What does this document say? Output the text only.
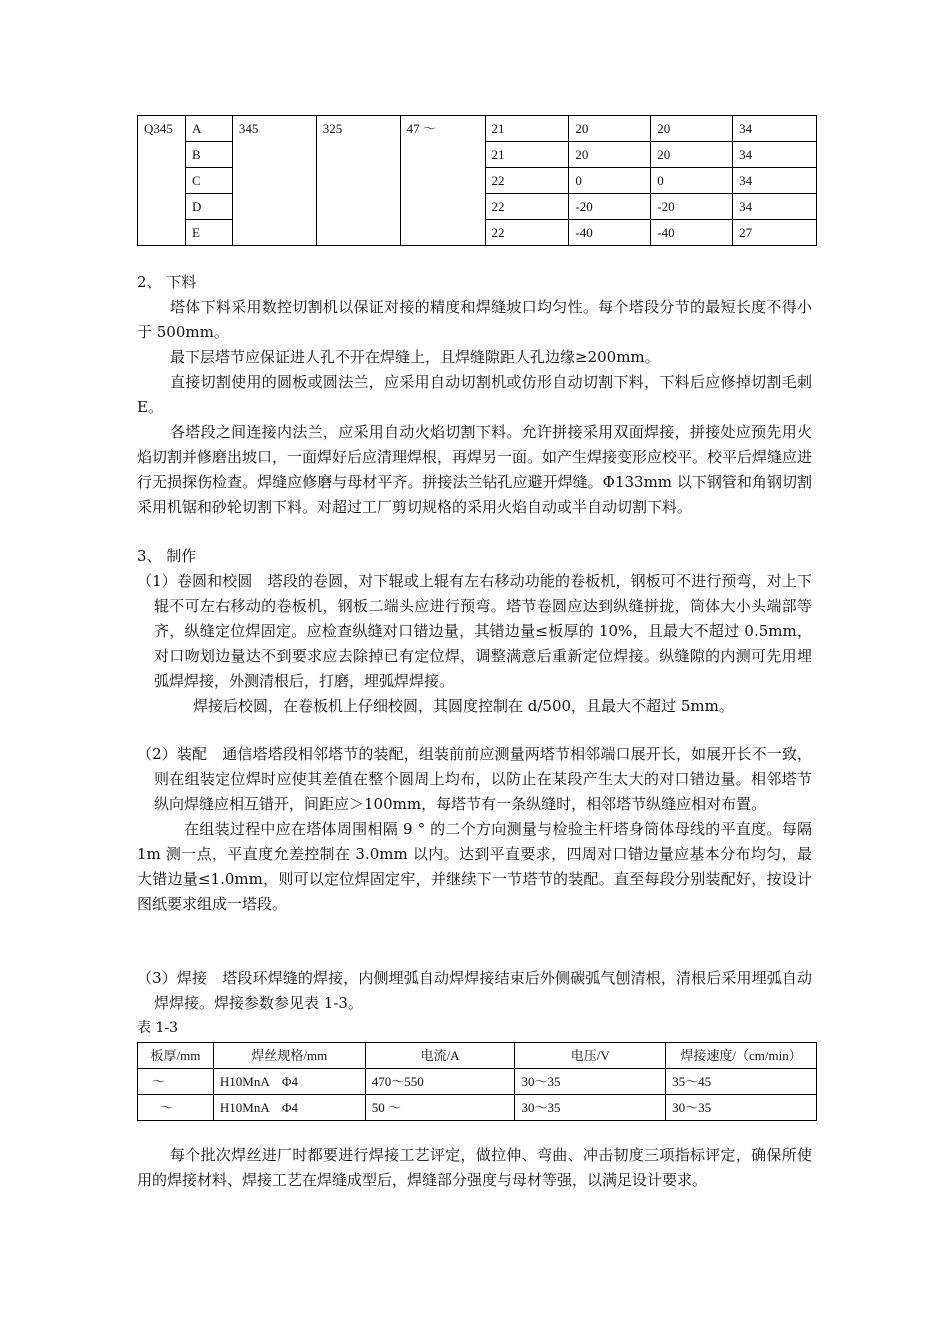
Q345	A	345	325	47 ～	21	20	20	34
	B				21	20	20	34
	C				22	0	0	34
	D				22	-20	-20	34
	E				22	-40	-40	27

2、 下料

塔体下料采用数控切割机以保证对接的精度和焊缝坡口均匀性。每个塔段分节的最短长度不得小于 500mm。

最下层塔节应保证进人孔不开在焊缝上，且焊缝隙距人孔边缘≥200mm。

直接切割使用的圆板或圆法兰，应采用自动切割机或仿形自动切割下料，下料后应修掉切割毛刺 E。

各塔段之间连接内法兰，应采用自动火焰切割下料。允许拼接采用双面焊接，拼接处应预先用火焰切割并修磨出坡口，一面焊好后应清理焊根，再焊另一面。如产生焊接变形应校平。校平后焊缝应进行无损探伤检查。焊缝应修磨与母材平齐。拼接法兰钻孔应避开焊缝。Φ133mm 以下钢管和角钢切割采用机锯和砂轮切割下料。对超过工厂剪切规格的采用火焰自动或半自动切割下料。

3、 制作

（1）卷圆和校圆　 塔段的卷圆，对下辊或上辊有左右移动功能的卷板机，钢板可不进行预弯，对上下辊不可左右移动的卷板机，钢板二端头应进行预弯。塔节卷圆应达到纵缝拼拢，筒体大小头端部等齐，纵缝定位焊固定。应检查纵缝对口错边量，其错边量≤板厚的 10%，且最大不超过 0.5mm，对口吻划边量达不到要求应去除掉已有定位焊，调整满意后重新定位焊接。纵缝隙的内测可先用埋弧焊焊接，外测清根后，打磨，埋弧焊焊接。

焊接后校圆，在卷板机上仔细校圆，其圆度控制在 d/500，且最大不超过 5mm。

（2）装配　 通信塔塔段相邻塔节的装配，组装前前应测量两塔节相邻端口展开长，如展开长不一致，则在组装定位焊时应使其差值在整个圆周上均布，以防止在某段产生太大的对口错边量。相邻塔节纵向焊缝应相互错开，间距应＞100mm，每塔节有一条纵缝时，相邻塔节纵缝应相对布置。

在组装过程中应在塔体周围相隔 9 ° 的二个方向测量与检验主杆塔身筒体母线的平直度。每隔 1m 测一点，平直度允差控制在 3.0mm 以内。达到平直要求，四周对口错边量应基本分布均匀，最大错边量≤1.0mm，则可以定位焊固定牢，并继续下一节塔节的装配。直至每段分别装配好，按设计图纸要求组成一塔段。

（3）焊接　 塔段环焊缝的焊接，内侧埋弧自动焊焊接结束后外侧碳弧气刨清根，清根后采用埋弧自动焊焊接。焊接参数参见表 1-3。

表 1-3
板厚/mm	焊丝规格/mm	电流/A	电压/V	焊接速度/（cm/min）
～	H10MnA　Φ4	470～550	30～35	35～45
～	H10MnA　Φ4	50 ～	30～35	30～35
每个批次焊丝进厂时都要进行焊接工艺评定，做拉伸、弯曲、冲击韧度三项指标评定，确保所使用的焊接材料、焊接工艺在焊缝成型后，焊缝部分强度与母材等强，以满足设计要求。
